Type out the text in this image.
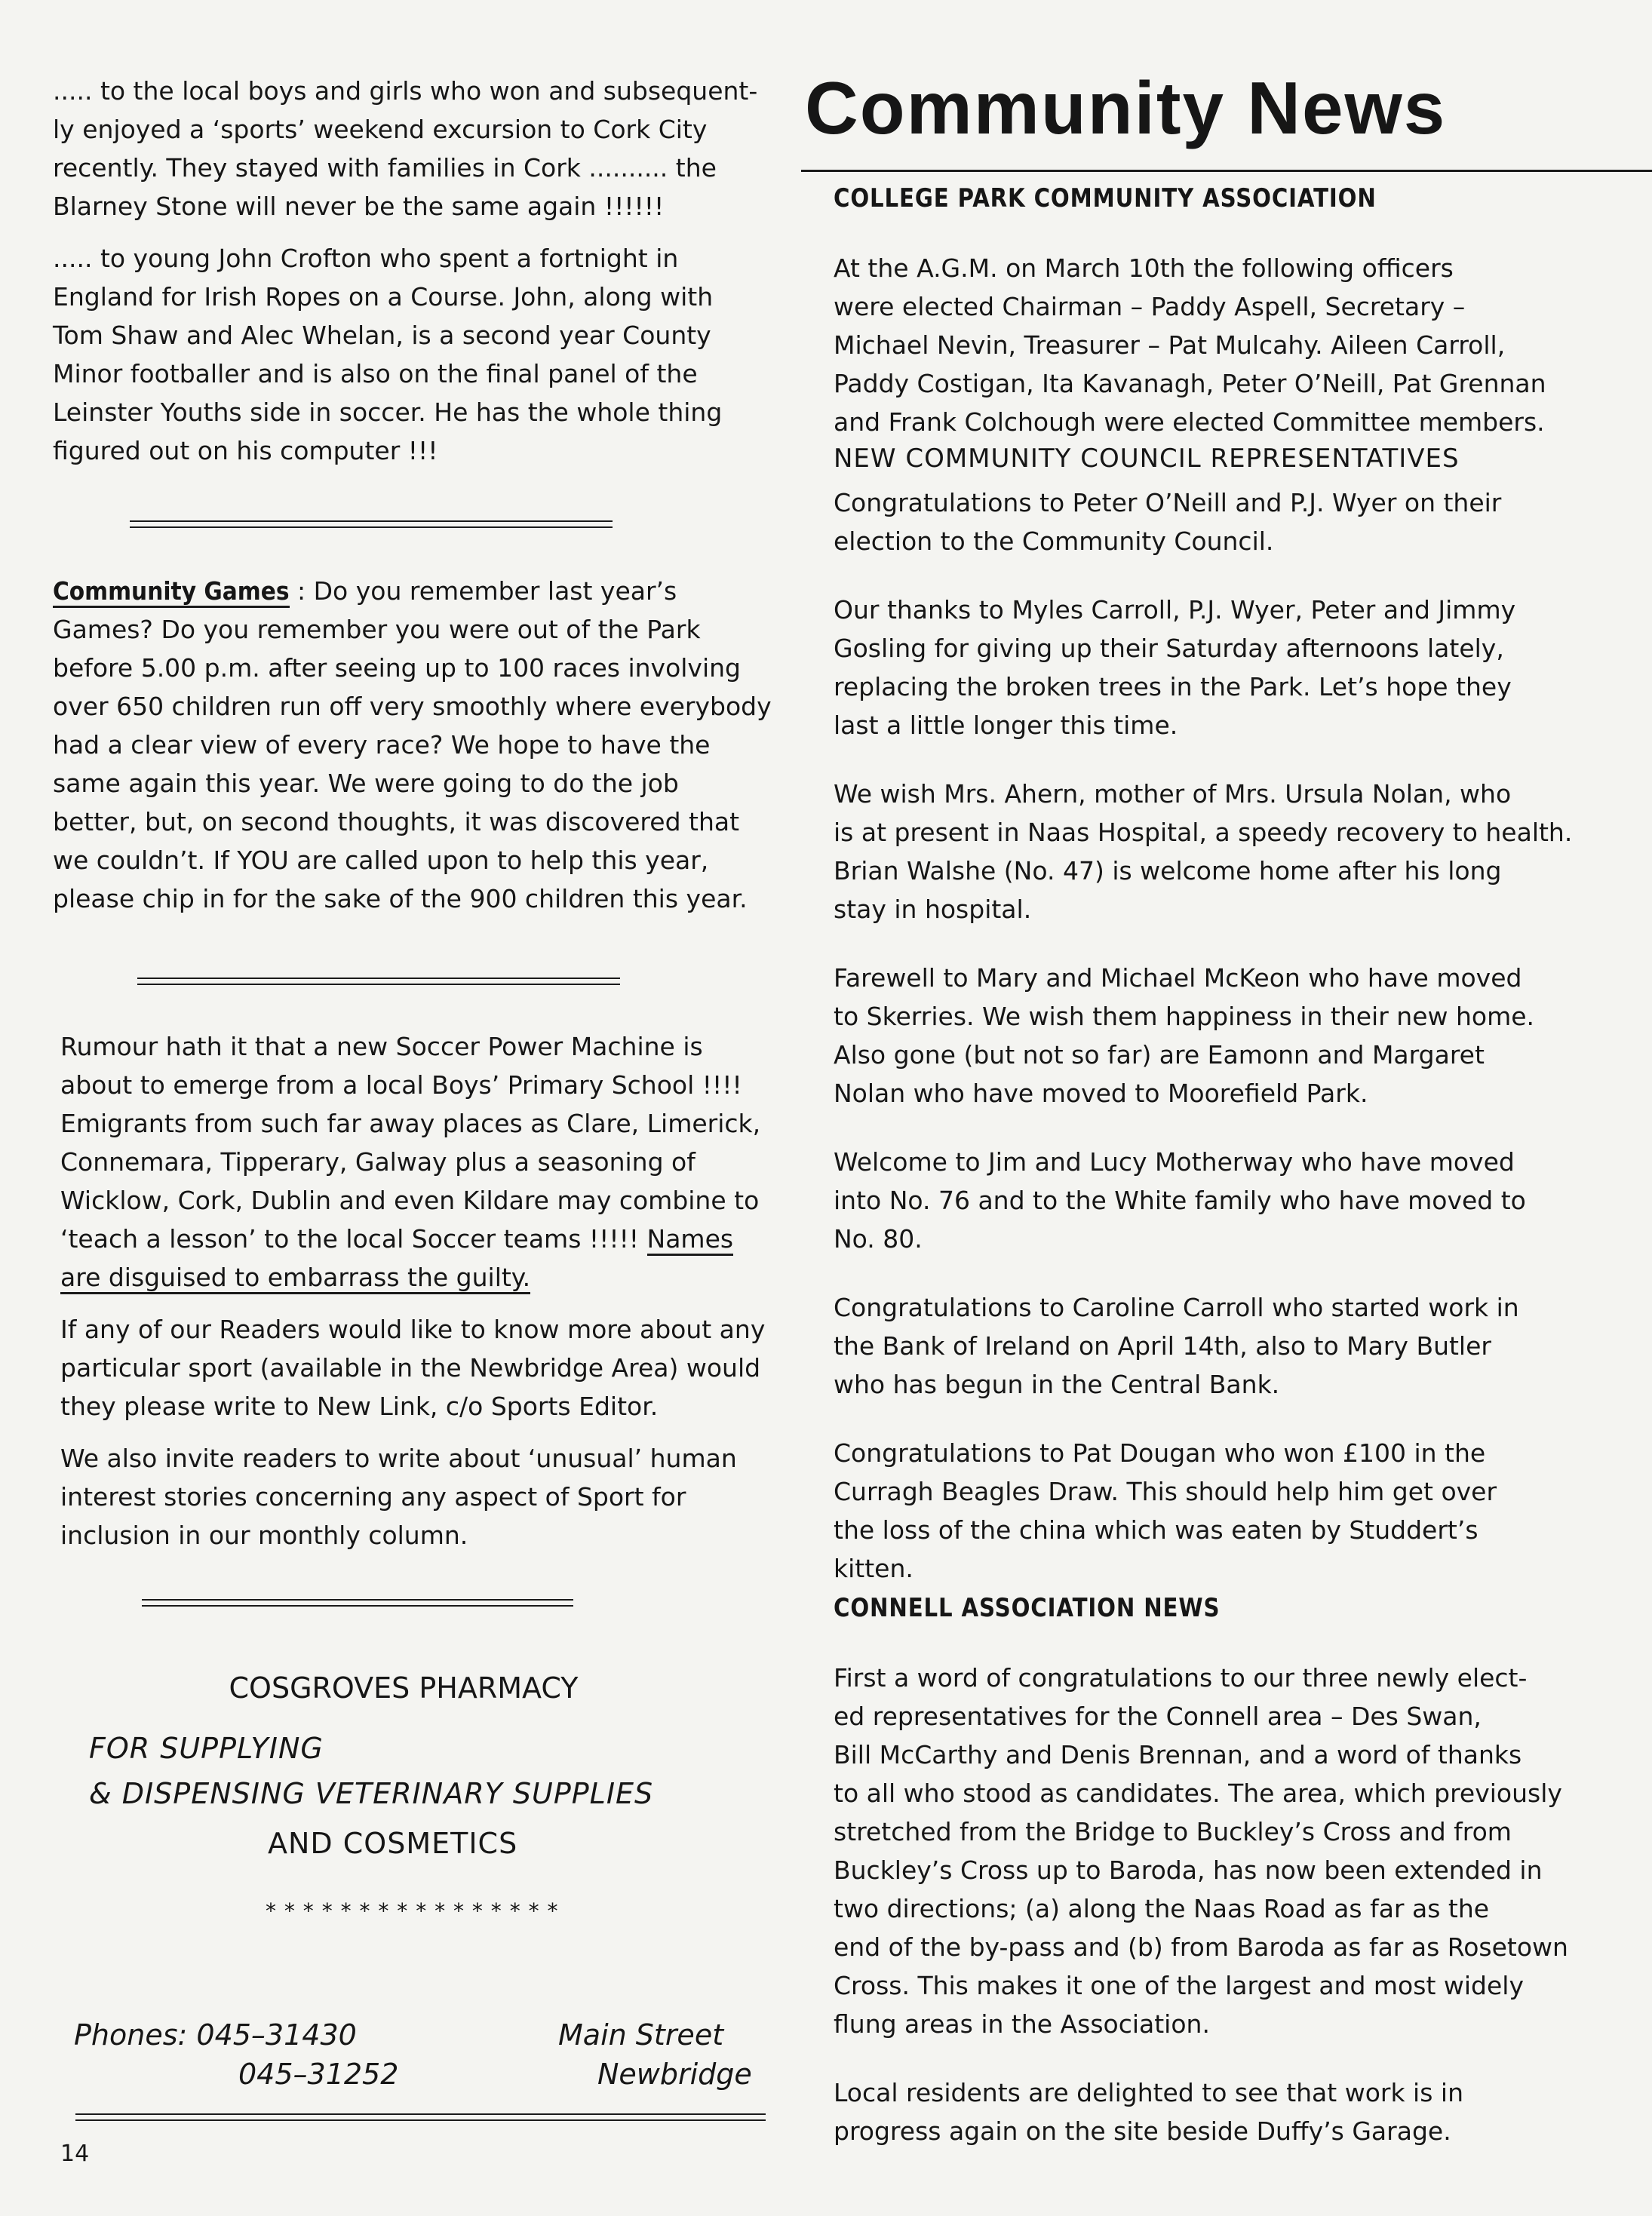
..... to the local boys and girls who won and subsequent-

ly enjoyed a ‘sports’ weekend excursion to Cork City

recently. They stayed with families in Cork .......... the

Blarney Stone will never be the same again !!!!!!

..... to young John Crofton who spent a fortnight in

England for Irish Ropes on a Course. John, along with

Tom Shaw and Alec Whelan, is a second year County

Minor footballer and is also on the final panel of the

Leinster Youths side in soccer. He has the whole thing

figured out on his computer !!!

Community Games : Do you remember last year’s

Games? Do you remember you were out of the Park

before 5.00 p.m. after seeing up to 100 races involving

over 650 children run off very smoothly where everybody

had a clear view of every race? We hope to have the

same again this year. We were going to do the job

better, but, on second thoughts, it was discovered that

we couldn’t. If YOU are called upon to help this year,

please chip in for the sake of the 900 children this year.

Rumour hath it that a new Soccer Power Machine is

about to emerge from a local Boys’ Primary School !!!!

Emigrants from such far away places as Clare, Limerick,

Connemara, Tipperary, Galway plus a seasoning of

Wicklow, Cork, Dublin and even Kildare may combine to

‘teach a lesson’ to the local Soccer teams !!!!! Names

are disguised to embarrass the guilty.

If any of our Readers would like to know more about any

particular sport (available in the Newbridge Area) would

they please write to New Link, c/o Sports Editor.

We also invite readers to write about ‘unusual’ human

interest stories concerning any aspect of Sport for

inclusion in our monthly column.

COSGROVES PHARMACY
FOR SUPPLYING
& DISPENSING VETERINARY SUPPLIES
AND COSMETICS
* * * * * * * * * * * * * * * *
Phones: 045–31430
045–31252
Main Street
Newbridge
14
Community News
COLLEGE PARK COMMUNITY ASSOCIATION

At the A.G.M. on March 10th the following officers

were elected Chairman – Paddy Aspell, Secretary –

Michael Nevin, Treasurer – Pat Mulcahy. Aileen Carroll,

Paddy Costigan, Ita Kavanagh, Peter O’Neill, Pat Grennan

and Frank Colchough were elected Committee members.

NEW COMMUNITY COUNCIL REPRESENTATIVES

Congratulations to Peter O’Neill and P.J. Wyer on their

election to the Community Council.

Our thanks to Myles Carroll, P.J. Wyer, Peter and Jimmy

Gosling for giving up their Saturday afternoons lately,

replacing the broken trees in the Park. Let’s hope they

last a little longer this time.

We wish Mrs. Ahern, mother of Mrs. Ursula Nolan, who

is at present in Naas Hospital, a speedy recovery to health.

Brian Walshe (No. 47) is welcome home after his long

stay in hospital.

Farewell to Mary and Michael McKeon who have moved

to Skerries. We wish them happiness in their new home.

Also gone (but not so far) are Eamonn and Margaret

Nolan who have moved to Moorefield Park.

Welcome to Jim and Lucy Motherway who have moved

into No. 76 and to the White family who have moved to

No. 80.

Congratulations to Caroline Carroll who started work in

the Bank of Ireland on April 14th, also to Mary Butler

who has begun in the Central Bank.

Congratulations to Pat Dougan who won £100 in the

Curragh Beagles Draw. This should help him get over

the loss of the china which was eaten by Studdert’s

kitten.

CONNELL ASSOCIATION NEWS

First a word of congratulations to our three newly elect-

ed representatives for the Connell area – Des Swan,

Bill McCarthy and Denis Brennan, and a word of thanks

to all who stood as candidates. The area, which previously

stretched from the Bridge to Buckley’s Cross and from

Buckley’s Cross up to Baroda, has now been extended in

two directions; (a) along the Naas Road as far as the

end of the by-pass and (b) from Baroda as far as Rosetown

Cross. This makes it one of the largest and most widely

flung areas in the Association.

Local residents are delighted to see that work is in

progress again on the site beside Duffy’s Garage.
